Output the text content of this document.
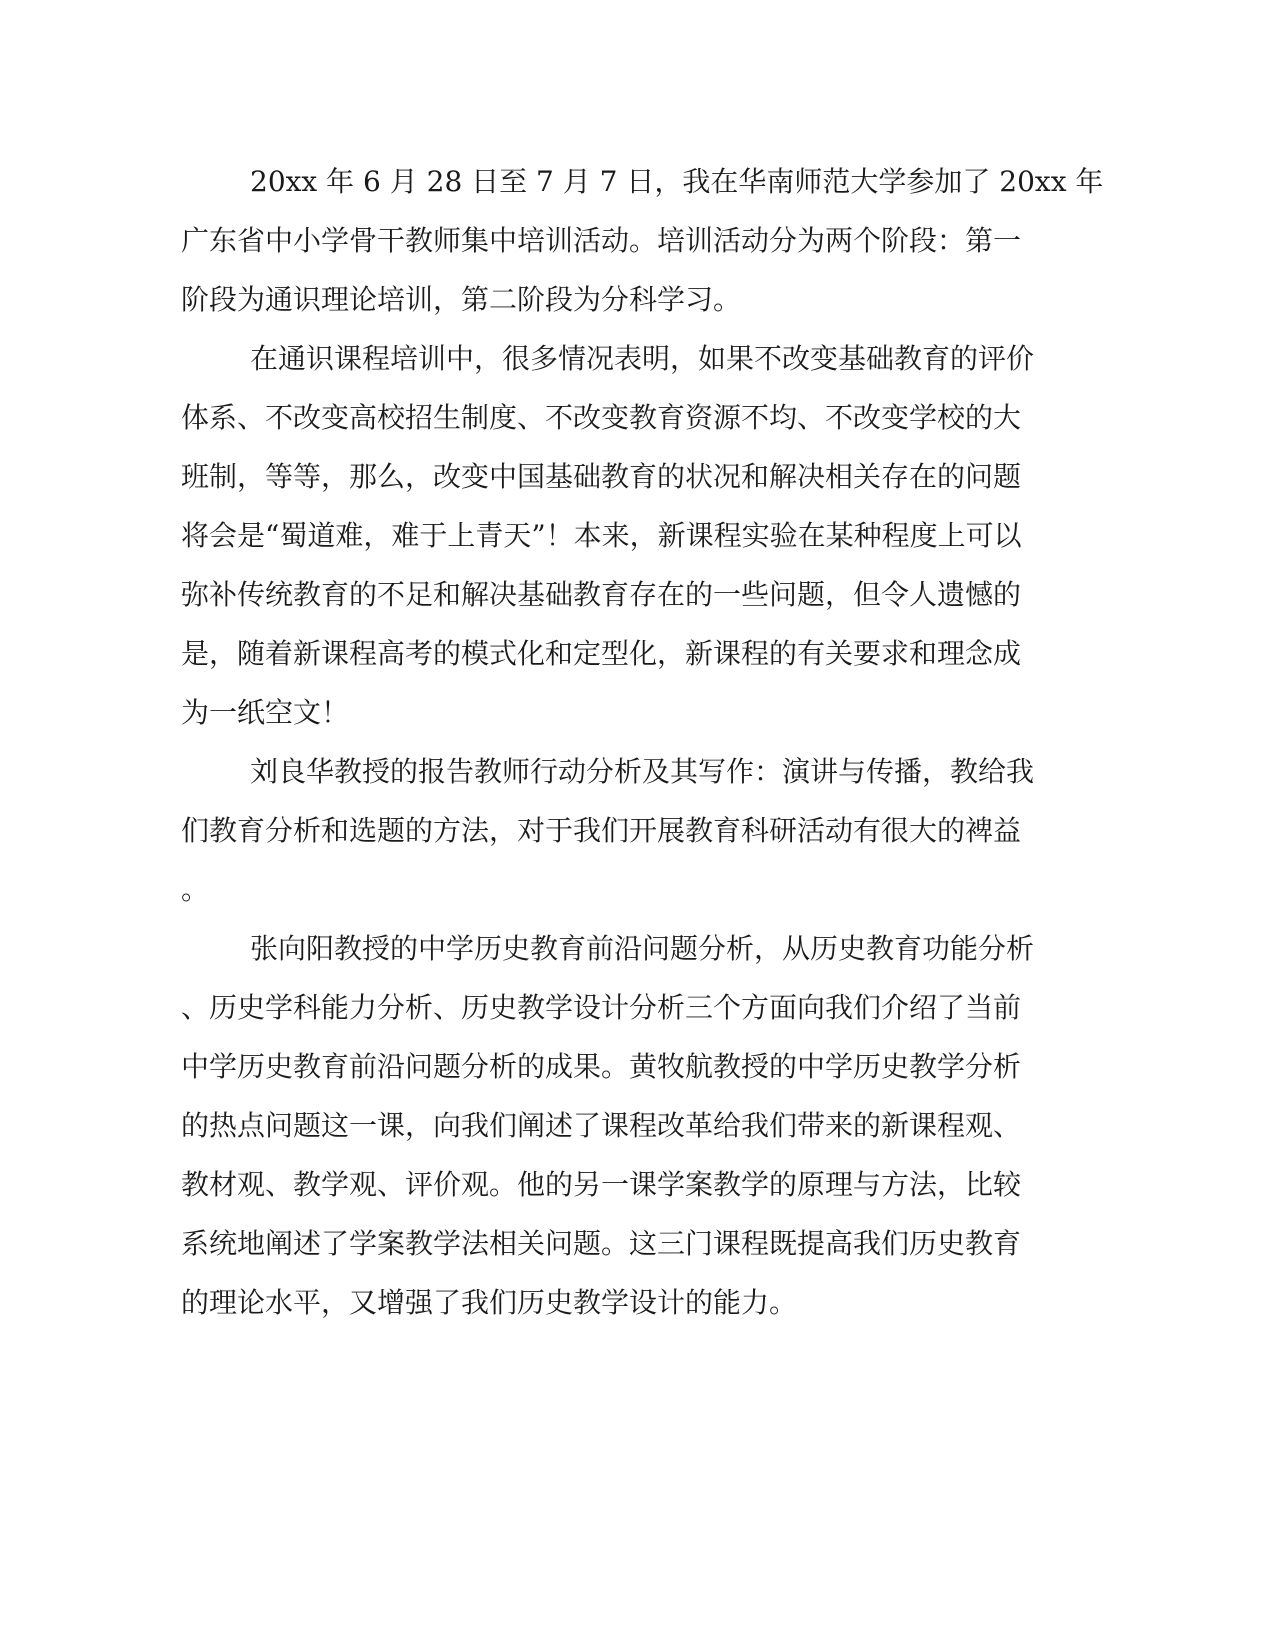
20xx 年 6 月 28 日至 7 月 7 日，我在华南师范大学参加了 20xx 年
广东省中小学骨干教师集中培训活动。培训活动分为两个阶段：第一
阶段为通识理论培训，第二阶段为分科学习。
在通识课程培训中，很多情况表明，如果不改变基础教育的评价
体系、不改变高校招生制度、不改变教育资源不均、不改变学校的大
班制，等等，那么，改变中国基础教育的状况和解决相关存在的问题
将会是“蜀道难，难于上青天”！本来，新课程实验在某种程度上可以
弥补传统教育的不足和解决基础教育存在的一些问题，但令人遗憾的
是，随着新课程高考的模式化和定型化，新课程的有关要求和理念成
为一纸空文！
刘良华教授的报告教师行动分析及其写作：演讲与传播，教给我
们教育分析和选题的方法，对于我们开展教育科研活动有很大的裨益
。
张向阳教授的中学历史教育前沿问题分析，从历史教育功能分析
、历史学科能力分析、历史教学设计分析三个方面向我们介绍了当前
中学历史教育前沿问题分析的成果。黄牧航教授的中学历史教学分析
的热点问题这一课，向我们阐述了课程改革给我们带来的新课程观、
教材观、教学观、评价观。他的另一课学案教学的原理与方法，比较
系统地阐述了学案教学法相关问题。这三门课程既提高我们历史教育
的理论水平，又增强了我们历史教学设计的能力。
